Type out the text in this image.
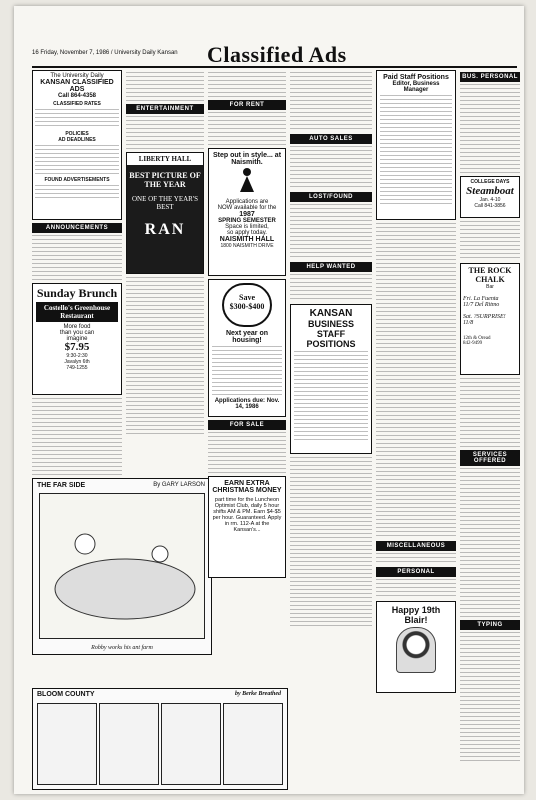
16 Friday, November 7, 1986 / University Daily Kansan Classified Ads
The University Daily
KANSAN CLASSIFIED ADS
Call 864-4358
CLASSIFIED RATES
POLICIES
AD DEADLINES
FOUND ADVERTISEMENTS
ANNOUNCEMENTS
Sunday Brunch
Costello's Greenhouse Restaurant
More food
than you can
imagine
$7.95
9:30-2:30
Javalyn 6th
749-1255
THE FAR SIDE	By GARY LARSON
Robby works his ant farm
BLOOM COUNTY	by Berke Breathed
ENTERTAINMENT
LIBERTY HALL
BEST PICTURE OF THE YEAR
ONE OF THE YEAR'S BEST
RAN
FOR RENT
Step out in style... at Naismith.
Applications are
NOW available for the
1987
SPRING SEMESTER
Space is limited,
so apply today.
NAISMITH HALL
1800 NAISMITH DRIVE
Save $300-$400
Next year on housing!
Applications due: Nov. 14, 1986
FOR SALE
EARN EXTRA CHRISTMAS MONEY
part time for the Luncheon Optimist Club, daily 5 hour shifts AM & PM. Earn $4-$5 per hour. Guaranteed. Apply in rm. 112-A at the Kansan's...
AUTO SALES
LOST/FOUND
HELP WANTED
KANSAN
BUSINESS STAFF POSITIONS
Paid Staff Positions
Editor, Business Manager
MISCELLANEOUS
PERSONAL
Happy 19th Blair!
BUS. PERSONAL
COLLEGE DAYS
Steamboat
Jan. 4-10
Call 841-3856
THE ROCK CHALK
Bar
Fri. La Fuenta
11/7 Del Ritmo
Sat. ?SURPRISE!
11/8
12th & Oread
842-9499
SERVICES OFFERED
TYPING
